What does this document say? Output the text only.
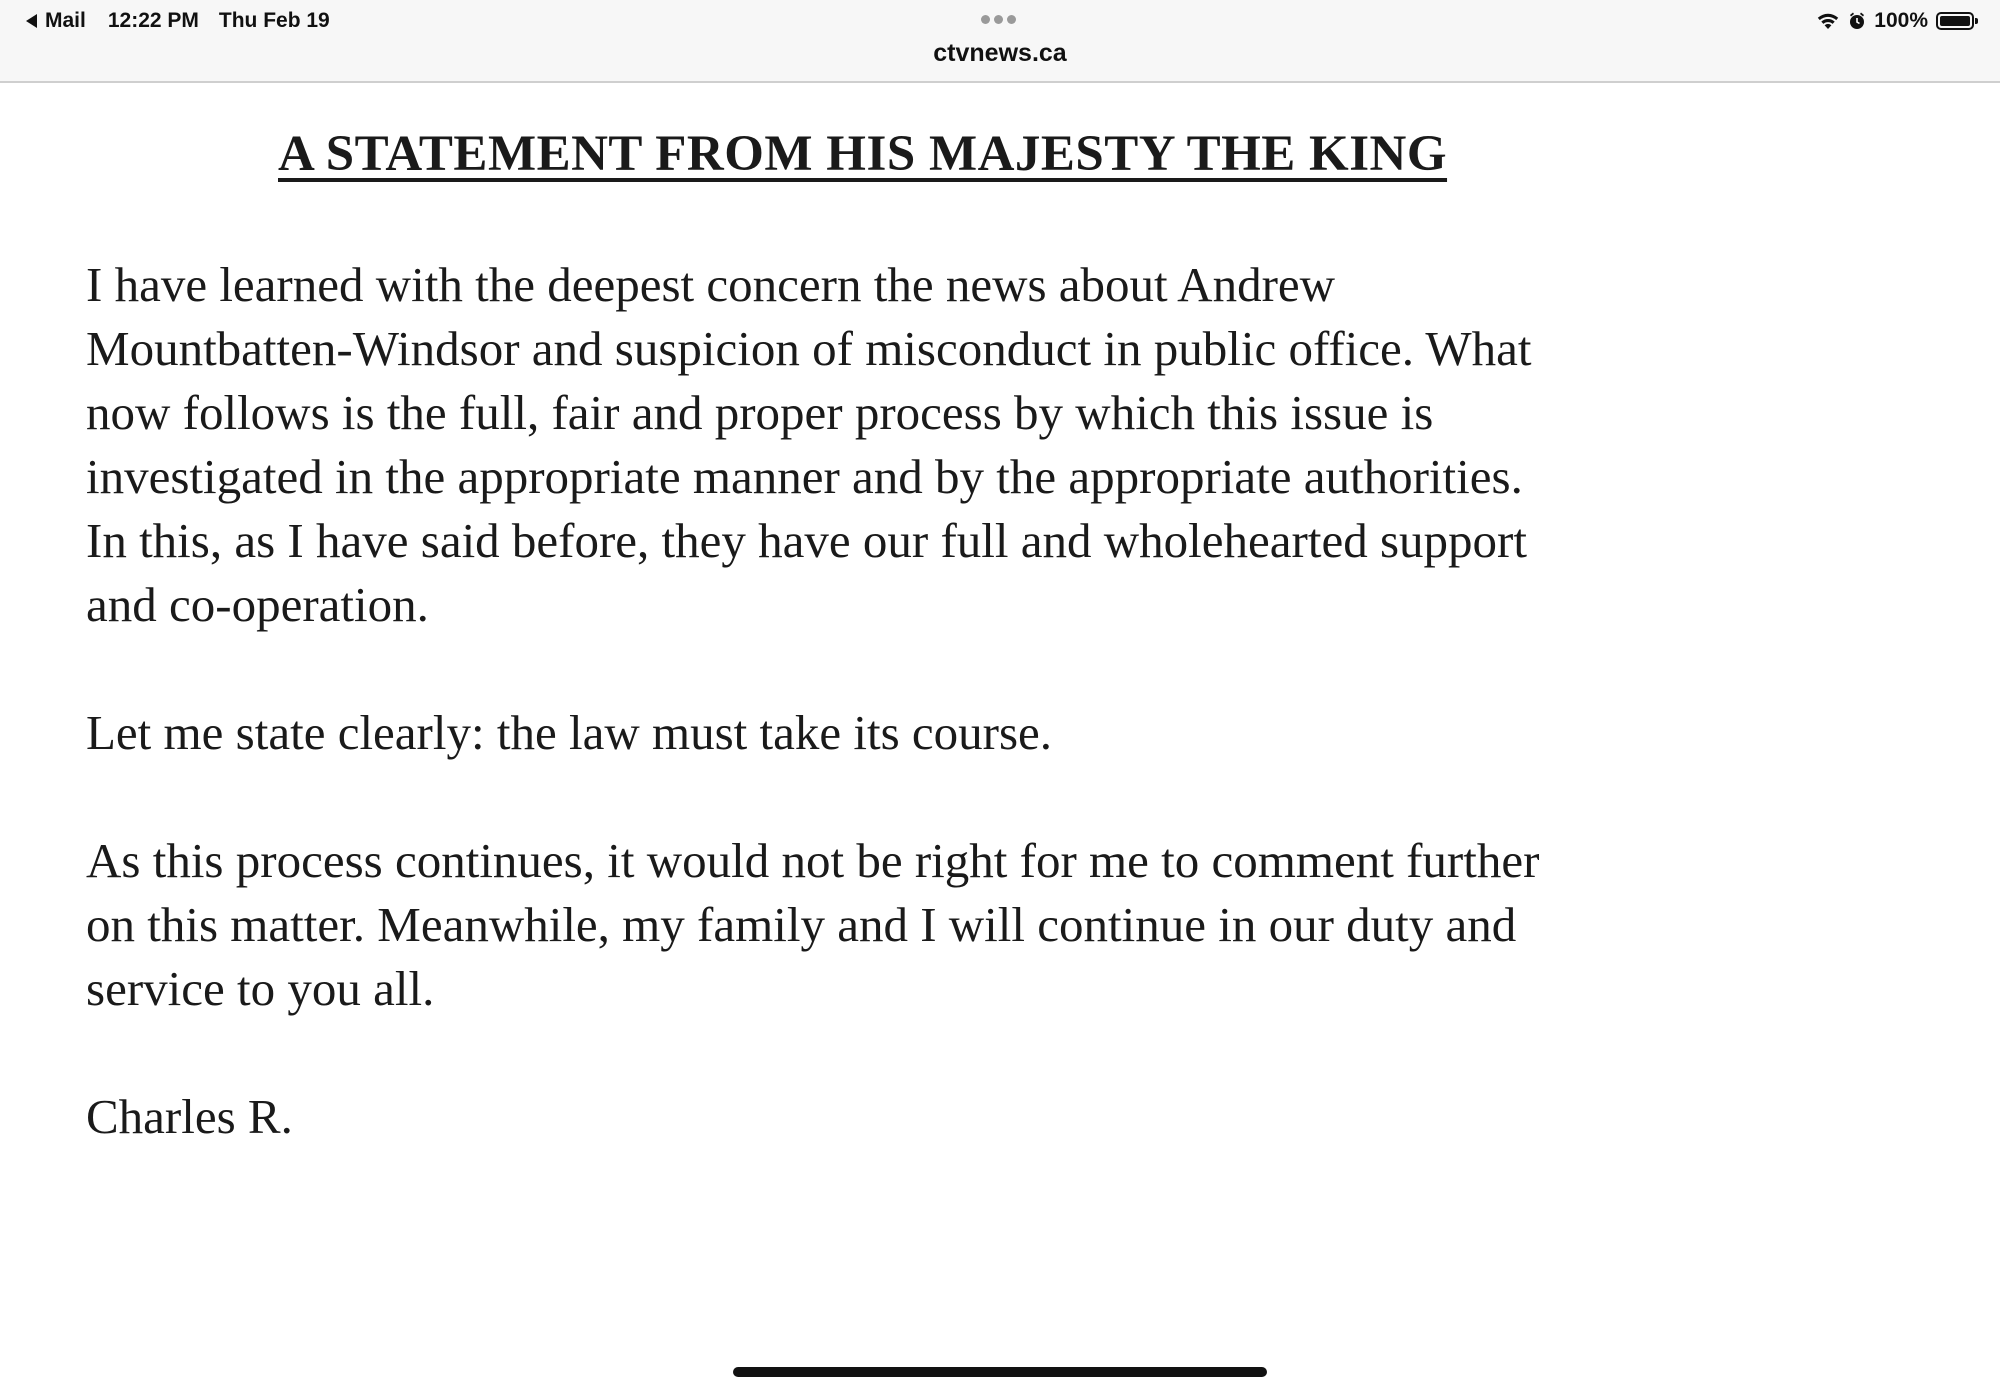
Mail 12:22 PM Thu Feb 19
ctvnews.ca
100%
A STATEMENT FROM HIS MAJESTY THE KING

I have learned with the deepest concern the news about Andrew
Mountbatten-Windsor and suspicion of misconduct in public office. What
now follows is the full, fair and proper process by which this issue is
investigated in the appropriate manner and by the appropriate authorities.
In this, as I have said before, they have our full and wholehearted support
and co-operation.

Let me state clearly: the law must take its course.

As this process continues, it would not be right for me to comment further
on this matter. Meanwhile, my family and I will continue in our duty and
service to you all.

Charles R.
